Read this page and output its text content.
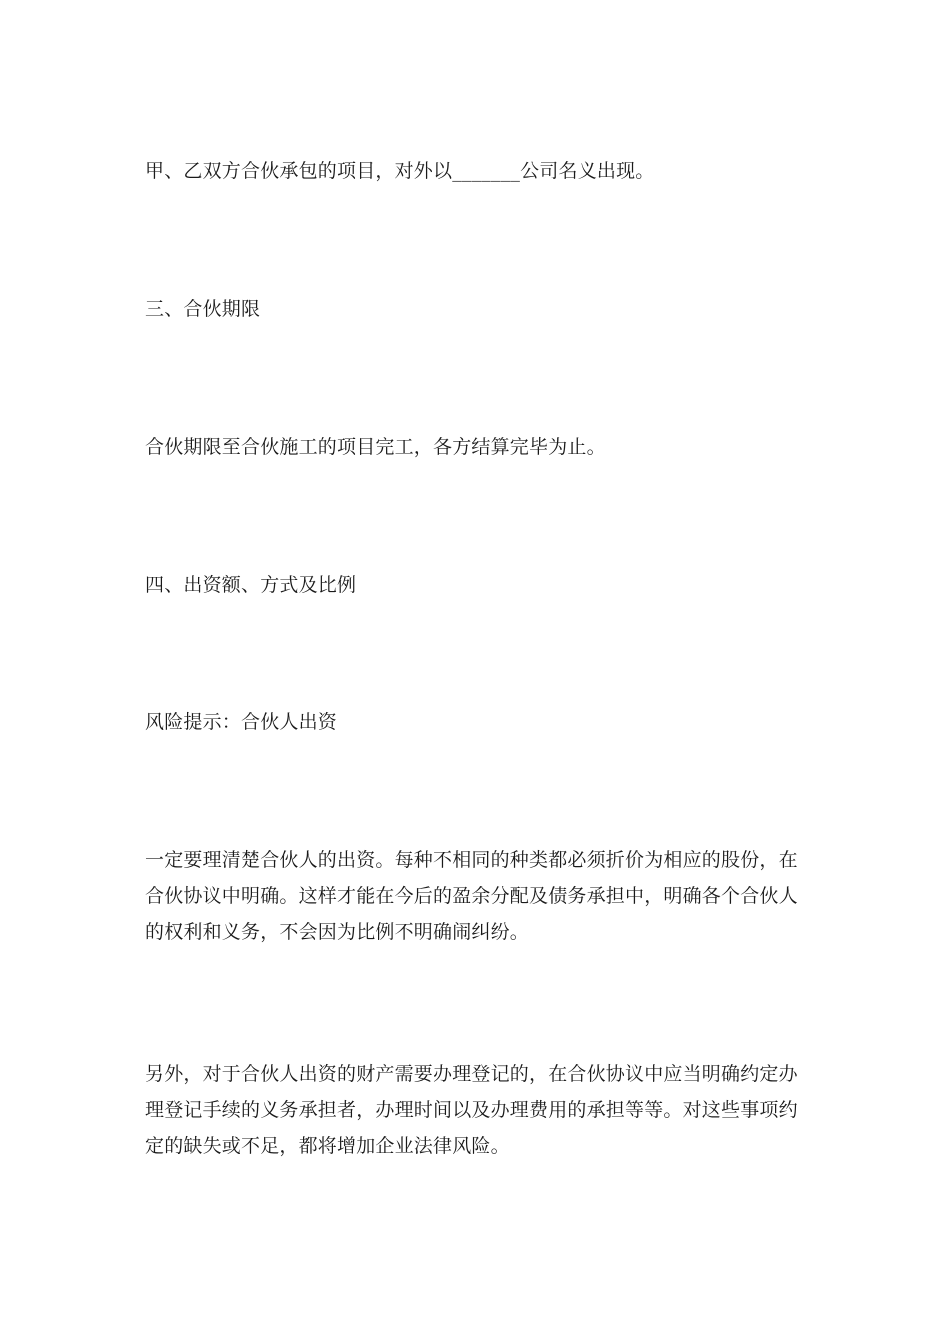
甲、乙双方合伙承包的项目，对外以_______公司名义出现。
三、合伙期限
合伙期限至合伙施工的项目完工，各方结算完毕为止。
四、出资额、方式及比例
风险提示：合伙人出资
一定要理清楚合伙人的出资。每种不相同的种类都必须折价为相应的股份，在
合伙协议中明确。这样才能在今后的盈余分配及债务承担中，明确各个合伙人
的权利和义务，不会因为比例不明确闹纠纷。
另外，对于合伙人出资的财产需要办理登记的，在合伙协议中应当明确约定办
理登记手续的义务承担者，办理时间以及办理费用的承担等等。对这些事项约
定的缺失或不足，都将增加企业法律风险。
